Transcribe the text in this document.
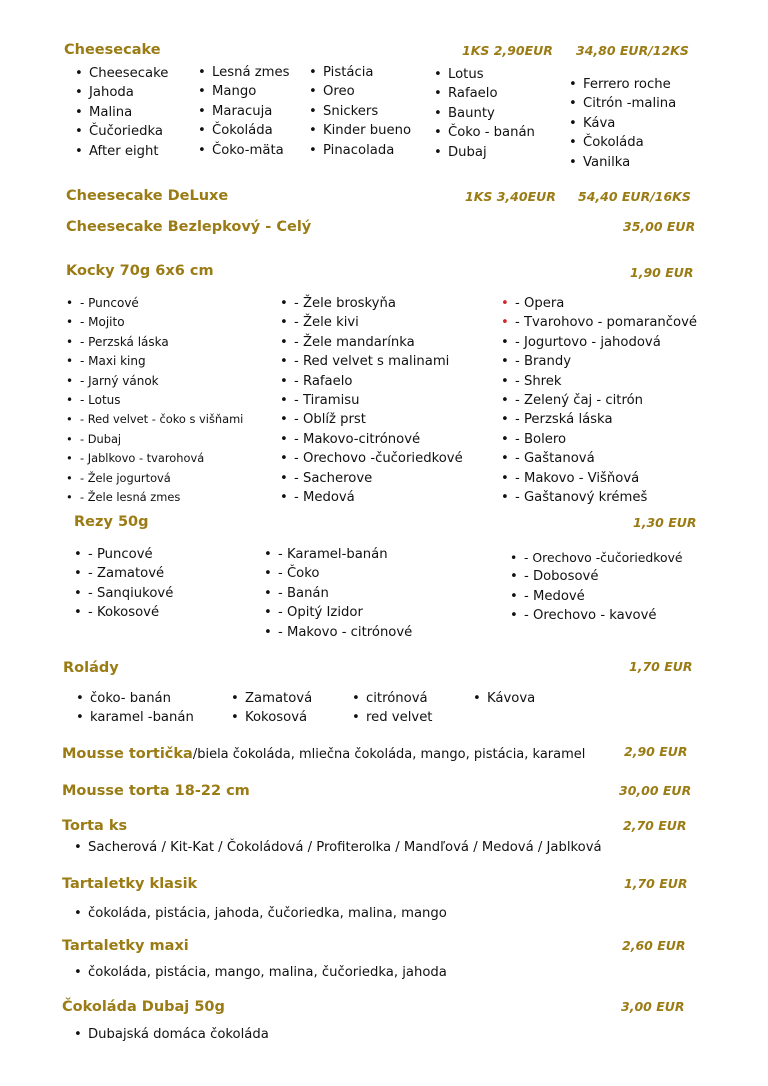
Cheesecake	1KS 2,90EUR 34,80 EUR/12KS
• Cheesecake
• Jahoda
• Malina
• Čučoriedka
• After eight
• Lesná zmes
• Mango
• Maracuja
• Čokoláda
• Čoko-mäta
• Pistácia
• Oreo
• Snickers
• Kinder bueno
• Pinacolada
• Lotus
• Rafaelo
• Baunty
• Čoko - banán
• Dubaj
• Ferrero roche
• Citrón -malina
• Káva
• Čokoláda
• Vanilka
Cheesecake DeLuxe	1KS 3,40EUR 54,40 EUR/16KS
Cheesecake Bezlepkový - Celý	35,00 EUR
Kocky 70g 6x6 cm	1,90 EUR
• - Puncové
• - Mojito
• - Perzská láska
• - Maxi king
• - Jarný vánok
• - Lotus
• - Red velvet - čoko s višňami
• - Dubaj
• - Jablkovo - tvarohová
• - Žele jogurtová
• - Žele lesná zmes
• - Žele broskyňa
• - Žele kivi
• - Žele mandarínka
• - Red velvet s malinami
• - Rafaelo
• - Tiramisu
• - Oblíž prst
• - Makovo-citrónové
• - Orechovo -čučoriedkové
• - Sacherove
• - Medová
• - Opera
• - Tvarohovo - pomarančové
• - Jogurtovo - jahodová
• - Brandy
• - Shrek
• - Zelený čaj - citrón
• - Perzská láska
• - Bolero
• - Gaštanová
• - Makovo - Višňová
• - Gaštanový krémeš
Rezy 50g	1,30 EUR
• - Puncové
• - Zamatové
• - Sanqiukové
• - Kokosové
• - Karamel-banán
• - Čoko
• - Banán
• - Opitý Izidor
• - Makovo - citrónové
• - Orechovo -čučoriedkové
• - Dobosové
• - Medové
• - Orechovo - kavové
Rolády	1,70 EUR
• čoko- banán
• karamel -banán
• Zamatová
• Kokosová
• citrónová
• red velvet
• Kávova
Mousse tortička/biela čokoláda, mliečna čokoláda, mango, pistácia, karamel	2,90 EUR
Mousse torta 18-22 cm	30,00 EUR
Torta ks	2,70 EUR
• Sacherová / Kit-Kat / Čokoládová / Profiterolka / Mandľová / Medová / Jablková
Tartaletky klasik	1,70 EUR
• čokoláda, pistácia, jahoda, čučoriedka, malina, mango
Tartaletky maxi	2,60 EUR
• čokoláda, pistácia, mango, malina, čučoriedka, jahoda
Čokoláda Dubaj 50g	3,00 EUR
• Dubajská domáca čokoláda
